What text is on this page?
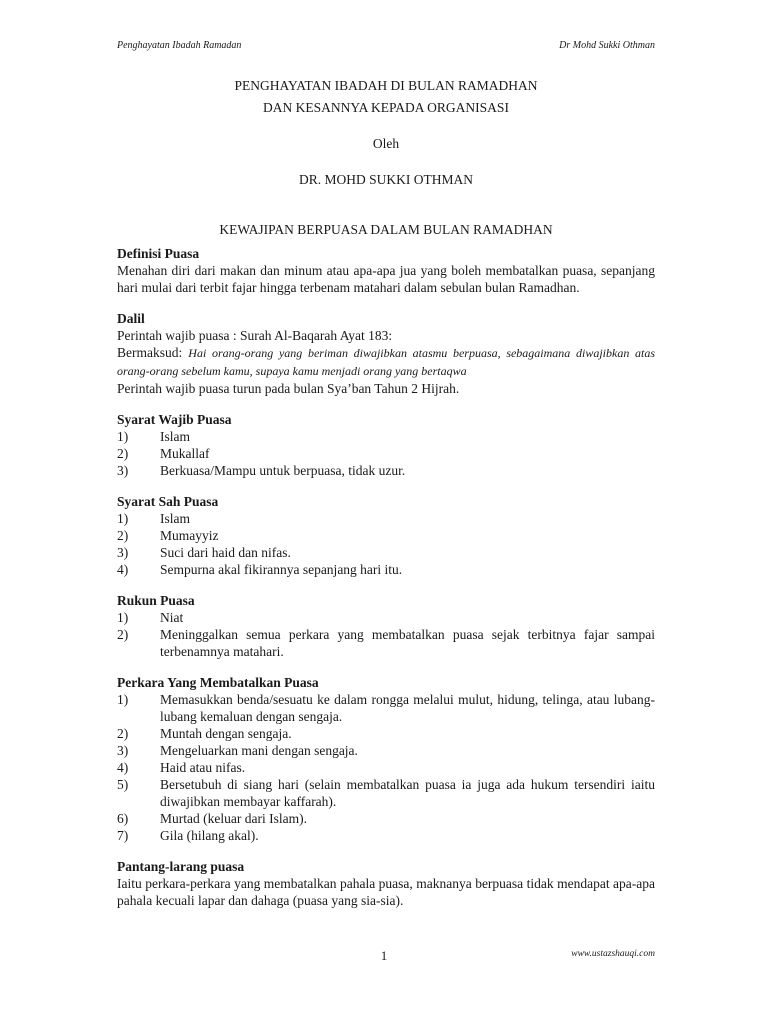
Penghayatan Ibadah Ramadan	Dr Mohd Sukki Othman
PENGHAYATAN IBADAH DI BULAN RAMADHAN
DAN KESANNYA KEPADA ORGANISASI
Oleh
DR. MOHD SUKKI OTHMAN
KEWAJIPAN BERPUASA DALAM BULAN RAMADHAN
Definisi Puasa

Menahan diri dari makan dan minum atau apa-apa jua yang boleh membatalkan puasa, sepanjang hari mulai dari terbit fajar hingga terbenam matahari dalam sebulan bulan Ramadhan.

Dalil

Perintah wajib puasa : Surah Al-Baqarah Ayat 183:

Bermaksud: Hai orang-orang yang beriman diwajibkan atasmu berpuasa, sebagaimana diwajibkan atas orang-orang sebelum kamu, supaya kamu menjadi orang yang bertaqwa

Perintah wajib puasa turun pada bulan Sya’ban Tahun 2 Hijrah.

Syarat Wajib Puasa
1)	Islam
2)	Mukallaf
3)	Berkuasa/Mampu untuk berpuasa, tidak uzur.
Syarat Sah Puasa
1)	Islam
2)	Mumayyiz
3)	Suci dari haid dan nifas.
4)	Sempurna akal fikirannya sepanjang hari itu.
Rukun Puasa
1)	Niat
2)	Meninggalkan semua perkara yang membatalkan puasa sejak terbitnya fajar sampai terbenamnya matahari.
Perkara Yang Membatalkan Puasa
1)	Memasukkan benda/sesuatu ke dalam rongga melalui mulut, hidung, telinga, atau lubang-lubang kemaluan dengan sengaja.
2)	Muntah dengan sengaja.
3)	Mengeluarkan mani dengan sengaja.
4)	Haid atau nifas.
5)	Bersetubuh di siang hari (selain membatalkan puasa ia juga ada hukum tersendiri iaitu diwajibkan membayar kaffarah).
6)	Murtad (keluar dari Islam).
7)	Gila (hilang akal).
Pantang-larang puasa

Iaitu perkara-perkara yang membatalkan pahala puasa, maknanya berpuasa tidak mendapat apa-apa pahala kecuali lapar dan dahaga (puasa yang sia-sia).

1	www.ustazshauqi.com
